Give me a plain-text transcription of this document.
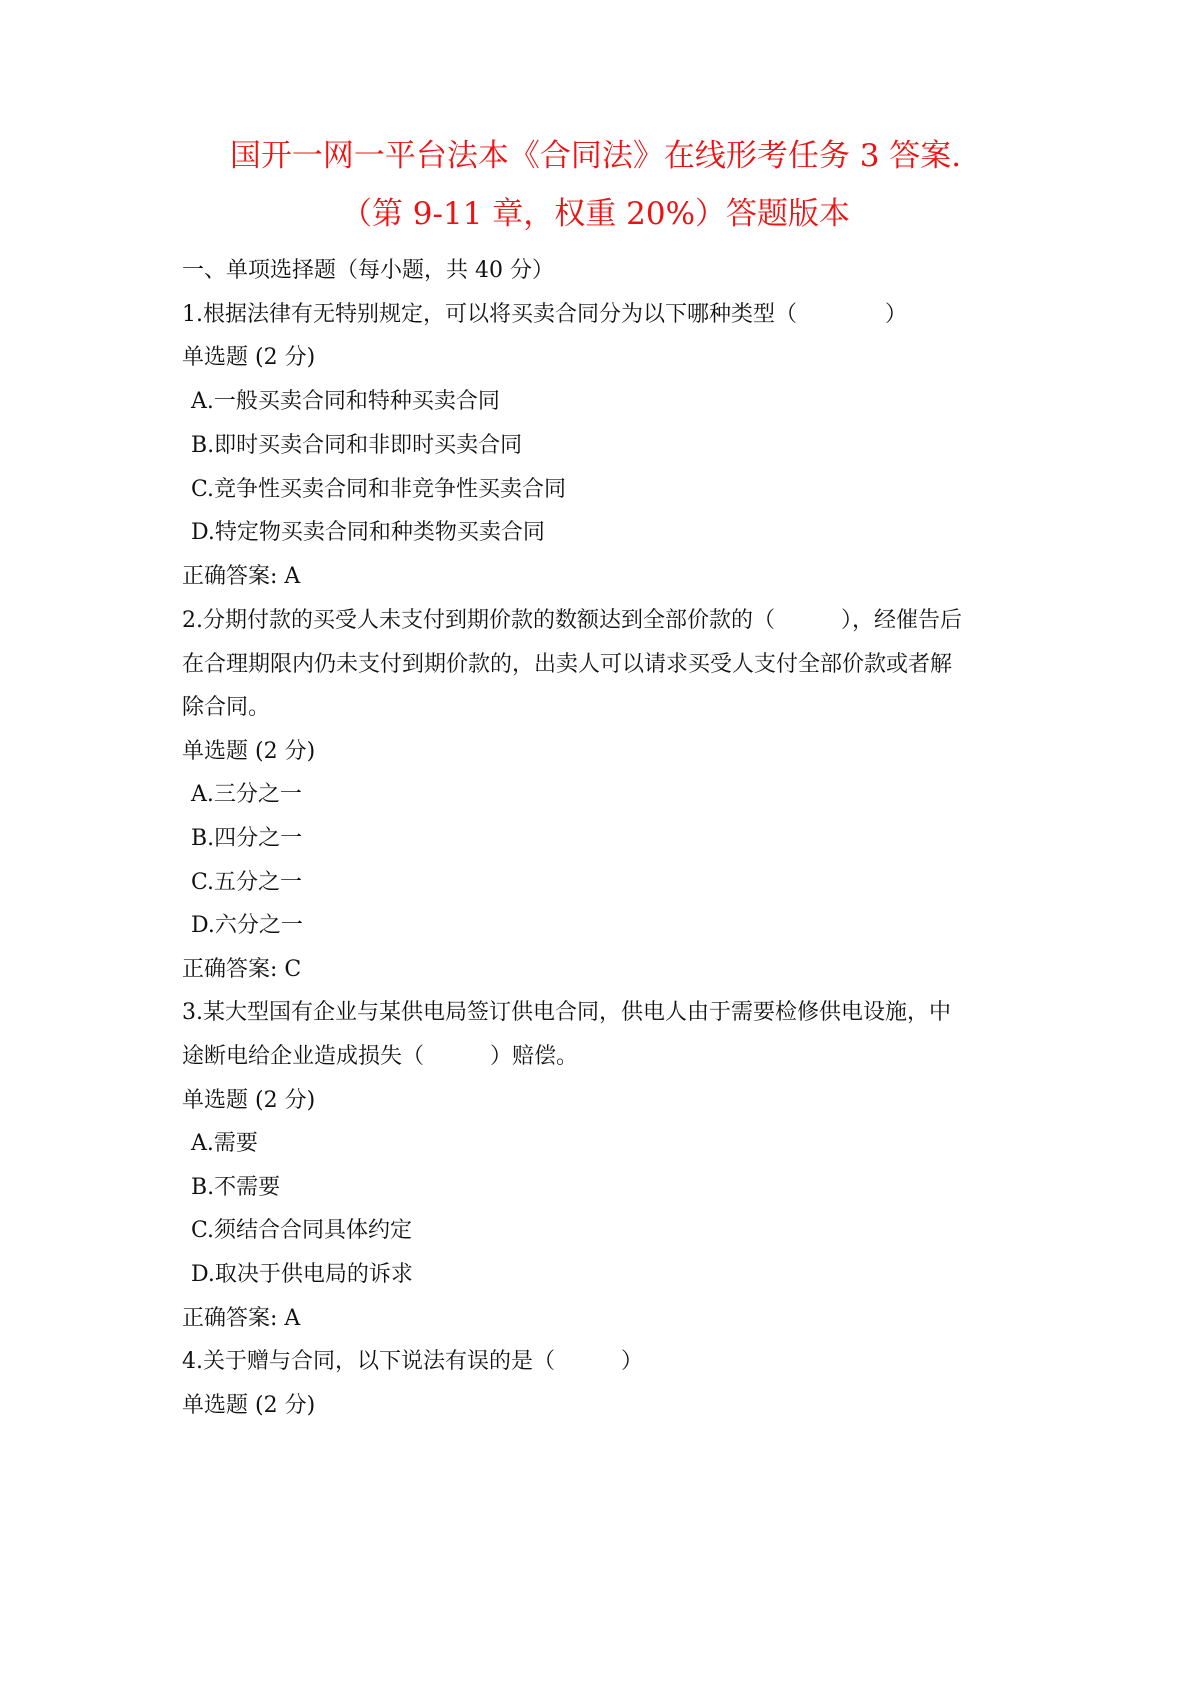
国开一网一平台法本《合同法》在线形考任务 3 答案.
（第 9-11 章，权重 20%）答题版本
一、单项选择题（每小题，共 40 分）
1.根据法律有无特别规定，可以将买卖合同分为以下哪种类型（　　　　）
单选题 (2 分)
A.一般买卖合同和特种买卖合同
B.即时买卖合同和非即时买卖合同
C.竞争性买卖合同和非竞争性买卖合同
D.特定物买卖合同和种类物买卖合同
正确答案: A
2.分期付款的买受人未支付到期价款的数额达到全部价款的（　　　），经催告后
在合理期限内仍未支付到期价款的，出卖人可以请求买受人支付全部价款或者解
除合同。
单选题 (2 分)
A.三分之一
B.四分之一
C.五分之一
D.六分之一
正确答案: C
3.某大型国有企业与某供电局签订供电合同，供电人由于需要检修供电设施，中
途断电给企业造成损失（　　　）赔偿。
单选题 (2 分)
A.需要
B.不需要
C.须结合合同具体约定
D.取决于供电局的诉求
正确答案: A
4.关于赠与合同，以下说法有误的是（　　　）
单选题 (2 分)
